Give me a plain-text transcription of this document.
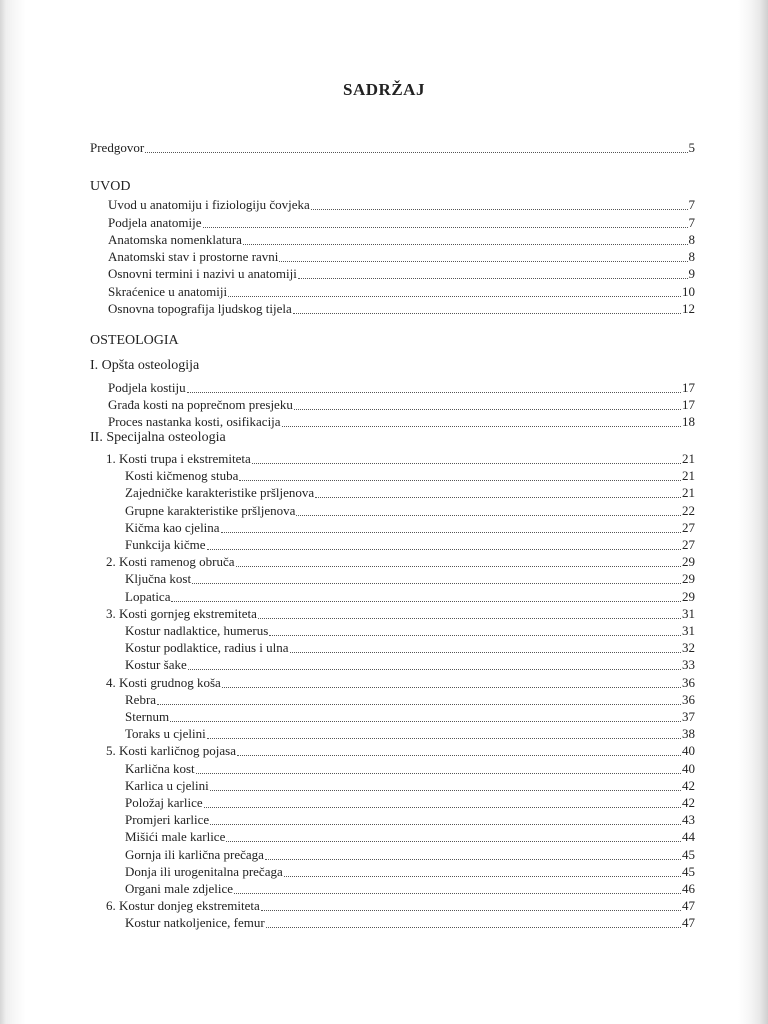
SADRŽAJ
Predgovor	5
UVOD
Uvod u anatomiju i fiziologiju čovjeka	7
Podjela anatomije	7
Anatomska nomenklatura	8
Anatomski stav i prostorne ravni	8
Osnovni termini i nazivi u anatomiji	9
Skraćenice u anatomiji	10
Osnovna topografija ljudskog tijela	12
OSTEOLOGIA
I. Opšta osteologija
Podjela kostiju	17
Građa kosti na poprečnom presjeku	17
Proces nastanka kosti, osifikacija	18
II. Specijalna osteologia
1. Kosti trupa i ekstremiteta	21
Kosti kičmenog stuba	21
Zajedničke karakteristike pršljenova	21
Grupne karakteristike pršljenova	22
Kičma kao cjelina	27
Funkcija kičme	27
2. Kosti ramenog obruča	29
Ključna kost	29
Lopatica	29
3. Kosti gornjeg ekstremiteta	31
Kostur nadlaktice, humerus	31
Kostur podlaktice, radius i ulna	32
Kostur šake	33
4. Kosti grudnog koša	36
Rebra	36
Sternum	37
Toraks u cjelini	38
5. Kosti karličnog pojasa	40
Karlična kost	40
Karlica u cjelini	42
Položaj karlice	42
Promjeri karlice	43
Mišići male karlice	44
Gornja ili karlična prečaga	45
Donja ili urogenitalna prečaga	45
Organi male zdjelice	46
6. Kostur donjeg ekstremiteta	47
Kostur natkoljenice, femur	47
